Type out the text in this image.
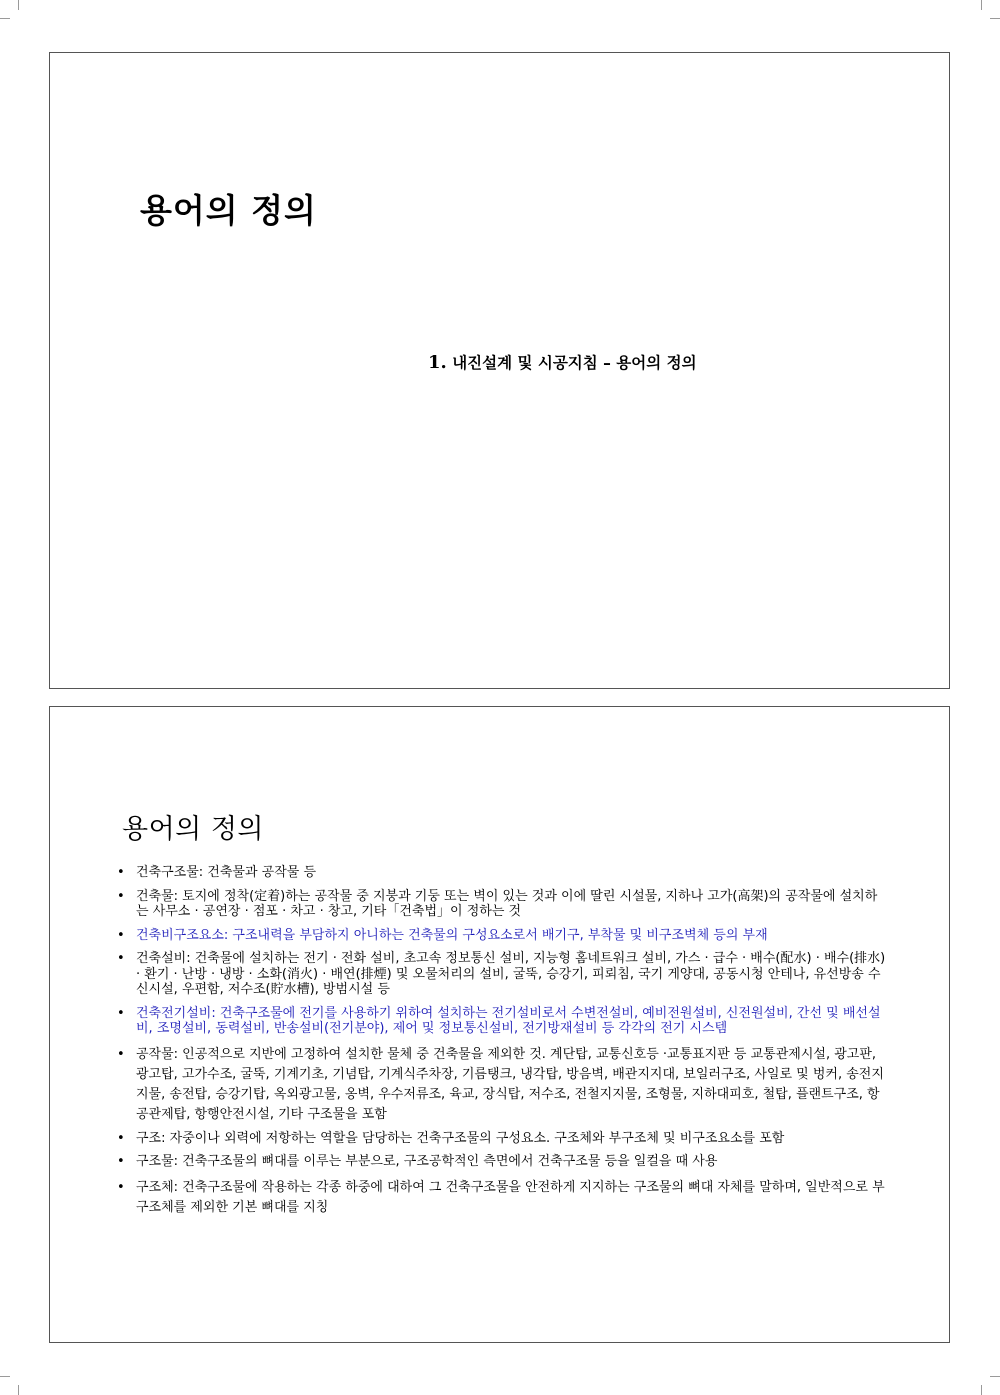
용어의 정의
1. 내진설계 및 시공지침 – 용어의 정의
용어의 정의
• 건축구조물: 건축물과 공작물 등
• 건축물: 토지에 정착(定着)하는 공작물 중 지붕과 기둥 또는 벽이 있는 것과 이에 딸린 시설물, 지하나 고가(高架)의 공작물에 설치하는 사무소 · 공연장 · 점포 · 차고 · 창고, 기타「건축법」이 정하는 것
• 건축비구조요소: 구조내력을 부담하지 아니하는 건축물의 구성요소로서 배기구, 부착물 및 비구조벽체 등의 부재
• 건축설비: 건축물에 설치하는 전기 · 전화 설비, 초고속 정보통신 설비, 지능형 홈네트워크 설비, 가스 · 급수 · 배수(配水) · 배수(排水) · 환기 · 난방 · 냉방 · 소화(消火) · 배연(排煙) 및 오물처리의 설비, 굴뚝, 승강기, 피뢰침, 국기 게양대, 공동시청 안테나, 유선방송 수신시설, 우편함, 저수조(貯水槽), 방범시설 등
• 건축전기설비: 건축구조물에 전기를 사용하기 위하여 설치하는 전기설비로서 수변전설비, 예비전원설비, 신전원설비, 간선 및 배선설비, 조명설비, 동력설비, 반송설비(전기분야), 제어 및 정보통신설비, 전기방재설비 등 각각의 전기 시스템
• 공작물: 인공적으로 지반에 고정하여 설치한 물체 중 건축물을 제외한 것. 계단탑, 교통신호등 ·교통표지판 등 교통관제시설, 광고판, 광고탑, 고가수조, 굴뚝, 기계기초, 기념탑, 기계식주차장, 기름탱크, 냉각탑, 방음벽, 배관지지대, 보일러구조, 사일로 및 벙커, 송전지지물, 송전탑, 승강기탑, 옥외광고물, 옹벽, 우수저류조, 육교, 장식탑, 저수조, 전철지지물, 조형물, 지하대피호, 철탑, 플랜트구조, 항공관제탑, 항행안전시설, 기타 구조물을 포함
• 구조: 자중이나 외력에 저항하는 역할을 담당하는 건축구조물의 구성요소. 구조체와 부구조체 및 비구조요소를 포함
• 구조물: 건축구조물의 뼈대를 이루는 부분으로, 구조공학적인 측면에서 건축구조물 등을 일컬을 때 사용
• 구조체: 건축구조물에 작용하는 각종 하중에 대하여 그 건축구조물을 안전하게 지지하는 구조물의 뼈대 자체를 말하며, 일반적으로 부구조체를 제외한 기본 뼈대를 지칭
